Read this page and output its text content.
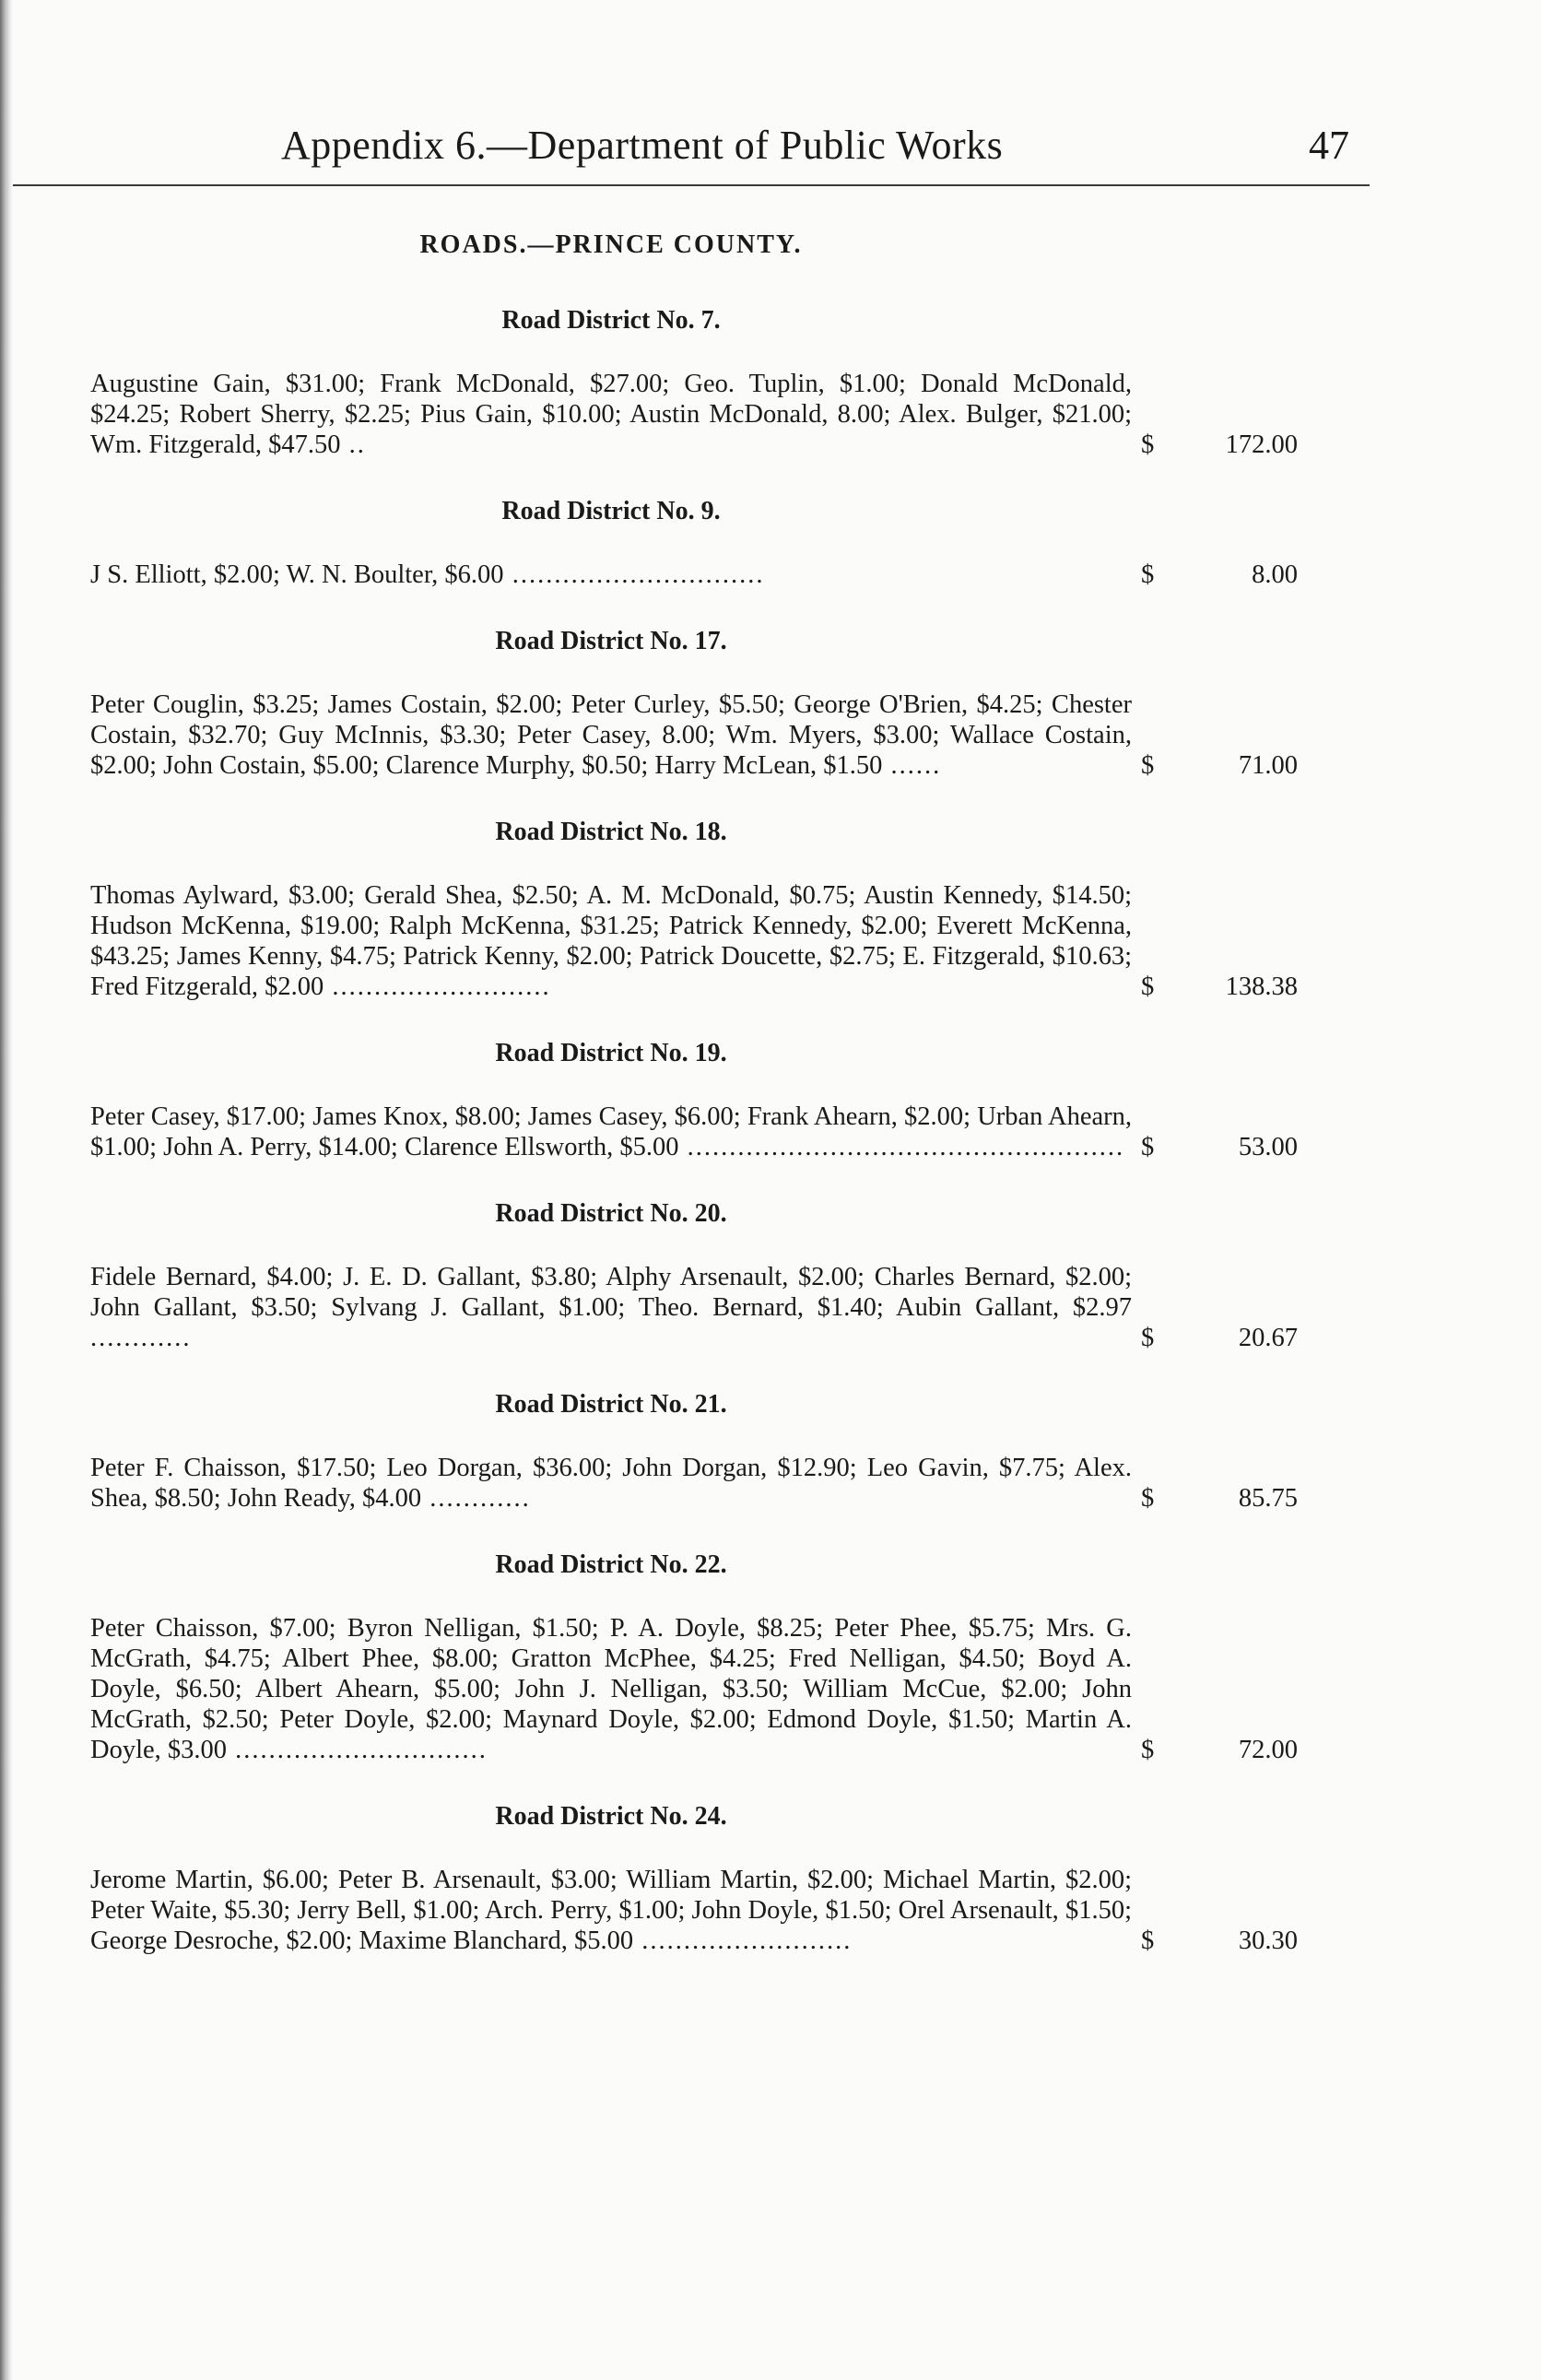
Appendix 6.—Department of Public Works	47
ROADS.—PRINCE COUNTY.
Road District No. 7.
Augustine Gain, $31.00; Frank McDonald, $27.00; Geo. Tuplin, $1.00; Donald McDonald, $24.25; Robert Sherry, $2.25; Pius Gain, $10.00; Austin McDonald, 8.00; Alex. Bulger, $21.00; Wm. Fitzgerald, $47.50 ..	$	172.00
Road District No. 9.
J S. Elliott, $2.00; W. N. Boulter, $6.00 ..............................	$	8.00
Road District No. 17.
Peter Couglin, $3.25; James Costain, $2.00; Peter Curley, $5.50; George O'Brien, $4.25; Chester Costain, $32.70; Guy McInnis, $3.30; Peter Casey, 8.00; Wm. Myers, $3.00; Wallace Costain, $2.00; John Costain, $5.00; Clarence Murphy, $0.50; Harry McLean, $1.50 ......	$	71.00
Road District No. 18.
Thomas Aylward, $3.00; Gerald Shea, $2.50; A. M. McDonald, $0.75; Austin Kennedy, $14.50; Hudson McKenna, $19.00; Ralph McKenna, $31.25; Patrick Kennedy, $2.00; Everett McKenna, $43.25; James Kenny, $4.75; Patrick Kenny, $2.00; Patrick Doucette, $2.75; E. Fitzgerald, $10.63; Fred Fitzgerald, $2.00 ..........................	$	138.38
Road District No. 19.
Peter Casey, $17.00; James Knox, $8.00; James Casey, $6.00; Frank Ahearn, $2.00; Urban Ahearn, $1.00; John A. Perry, $14.00; Clarence Ellsworth, $5.00 .................................................... $	53.00
Road District No. 20.
Fidele Bernard, $4.00; J. E. D. Gallant, $3.80; Alphy Arsenault, $2.00; Charles Bernard, $2.00; John Gallant, $3.50; Sylvang J. Gallant, $1.00; Theo. Bernard, $1.40; Aubin Gallant, $2.97 ............	$	20.67
Road District No. 21.
Peter F. Chaisson, $17.50; Leo Dorgan, $36.00; John Dorgan, $12.90; Leo Gavin, $7.75; Alex. Shea, $8.50; John Ready, $4.00 ............	$	85.75
Road District No. 22.
Peter Chaisson, $7.00; Byron Nelligan, $1.50; P. A. Doyle, $8.25; Peter Phee, $5.75; Mrs. G. McGrath, $4.75; Albert Phee, $8.00; Gratton McPhee, $4.25; Fred Nelligan, $4.50; Boyd A. Doyle, $6.50; Albert Ahearn, $5.00; John J. Nelligan, $3.50; William McCue, $2.00; John McGrath, $2.50; Peter Doyle, $2.00; Maynard Doyle, $2.00; Edmond Doyle, $1.50; Martin A. Doyle, $3.00 ..............................	$	72.00
Road District No. 24.
Jerome Martin, $6.00; Peter B. Arsenault, $3.00; William Martin, $2.00; Michael Martin, $2.00; Peter Waite, $5.30; Jerry Bell, $1.00; Arch. Perry, $1.00; John Doyle, $1.50; Orel Arsenault, $1.50; George Desroche, $2.00; Maxime Blanchard, $5.00 .........................	$	30.30
